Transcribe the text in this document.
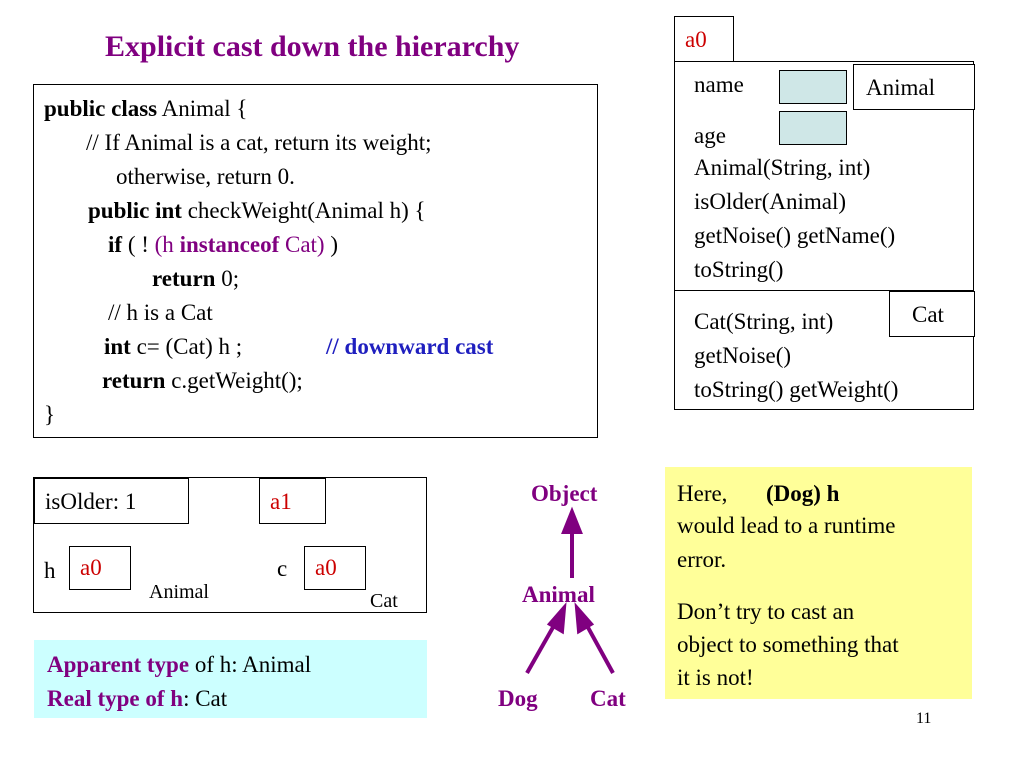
Explicit cast down the hierarchy
public class Animal {
// If Animal is a cat, return its weight;
otherwise, return 0.
public int checkWeight(Animal h) {
if ( ! (h instanceof Cat) )
return 0;
// h is a Cat
int c= (Cat) h ;	// downward cast
return c.getWeight();
}
a0
name	Animal
age
Animal(String, int)
isOlder(Animal)
getNoise() getName()
toString()
Cat
Cat(String, int)
getNoise()
toString() getWeight()
isOlder: 1	a1
h a0
Animal
c a0
Cat
Apparent type of h: Animal
Real type of h: Cat
Object
Animal
Dog Cat
Here, (Dog) h
would lead to a runtime
error.
Don’t try to cast an
object to something that
it is not!
11
